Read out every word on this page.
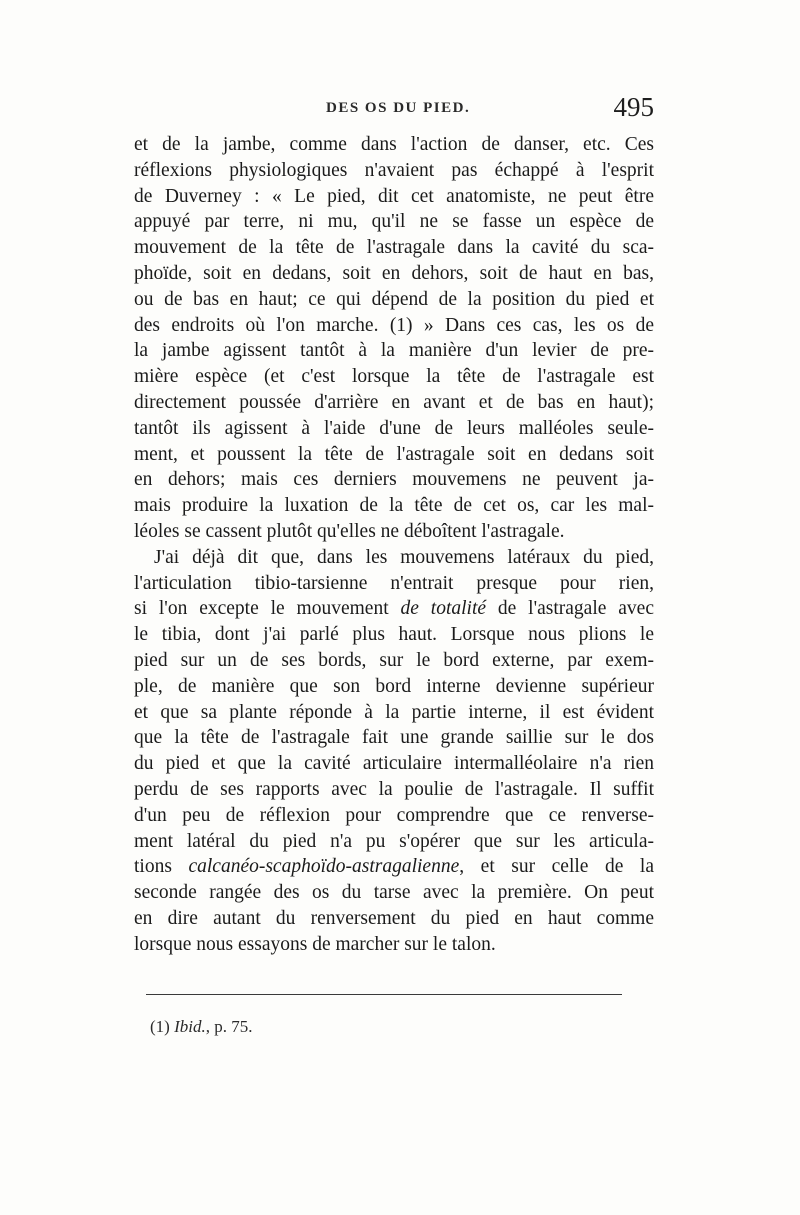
DES OS DU PIED.	495
et de la jambe, comme dans l'action de danser, etc. Ces
réflexions physiologiques n'avaient pas échappé à l'esprit
de Duverney : « Le pied, dit cet anatomiste, ne peut être
appuyé par terre, ni mu, qu'il ne se fasse un espèce de
mouvement de la tête de l'astragale dans la cavité du sca-
phoïde, soit en dedans, soit en dehors, soit de haut en bas,
ou de bas en haut; ce qui dépend de la position du pied et
des endroits où l'on marche. (1) » Dans ces cas, les os de
la jambe agissent tantôt à la manière d'un levier de pre-
mière espèce (et c'est lorsque la tête de l'astragale est
directement poussée d'arrière en avant et de bas en haut);
tantôt ils agissent à l'aide d'une de leurs malléoles seule-
ment, et poussent la tête de l'astragale soit en dedans soit
en dehors; mais ces derniers mouvemens ne peuvent ja-
mais produire la luxation de la tête de cet os, car les mal-
léoles se cassent plutôt qu'elles ne déboîtent l'astragale.
J'ai déjà dit que, dans les mouvemens latéraux du pied,
l'articulation tibio-tarsienne n'entrait presque pour rien,
si l'on excepte le mouvement de totalité de l'astragale avec
le tibia, dont j'ai parlé plus haut. Lorsque nous plions le
pied sur un de ses bords, sur le bord externe, par exem-
ple, de manière que son bord interne devienne supérieur
et que sa plante réponde à la partie interne, il est évident
que la tête de l'astragale fait une grande saillie sur le dos
du pied et que la cavité articulaire intermalléolaire n'a rien
perdu de ses rapports avec la poulie de l'astragale. Il suffit
d'un peu de réflexion pour comprendre que ce renverse-
ment latéral du pied n'a pu s'opérer que sur les articula-
tions calcanéo-scaphoïdo-astragalienne, et sur celle de la
seconde rangée des os du tarse avec la première. On peut
en dire autant du renversement du pied en haut comme
lorsque nous essayons de marcher sur le talon.
(1) Ibid., p. 75.
